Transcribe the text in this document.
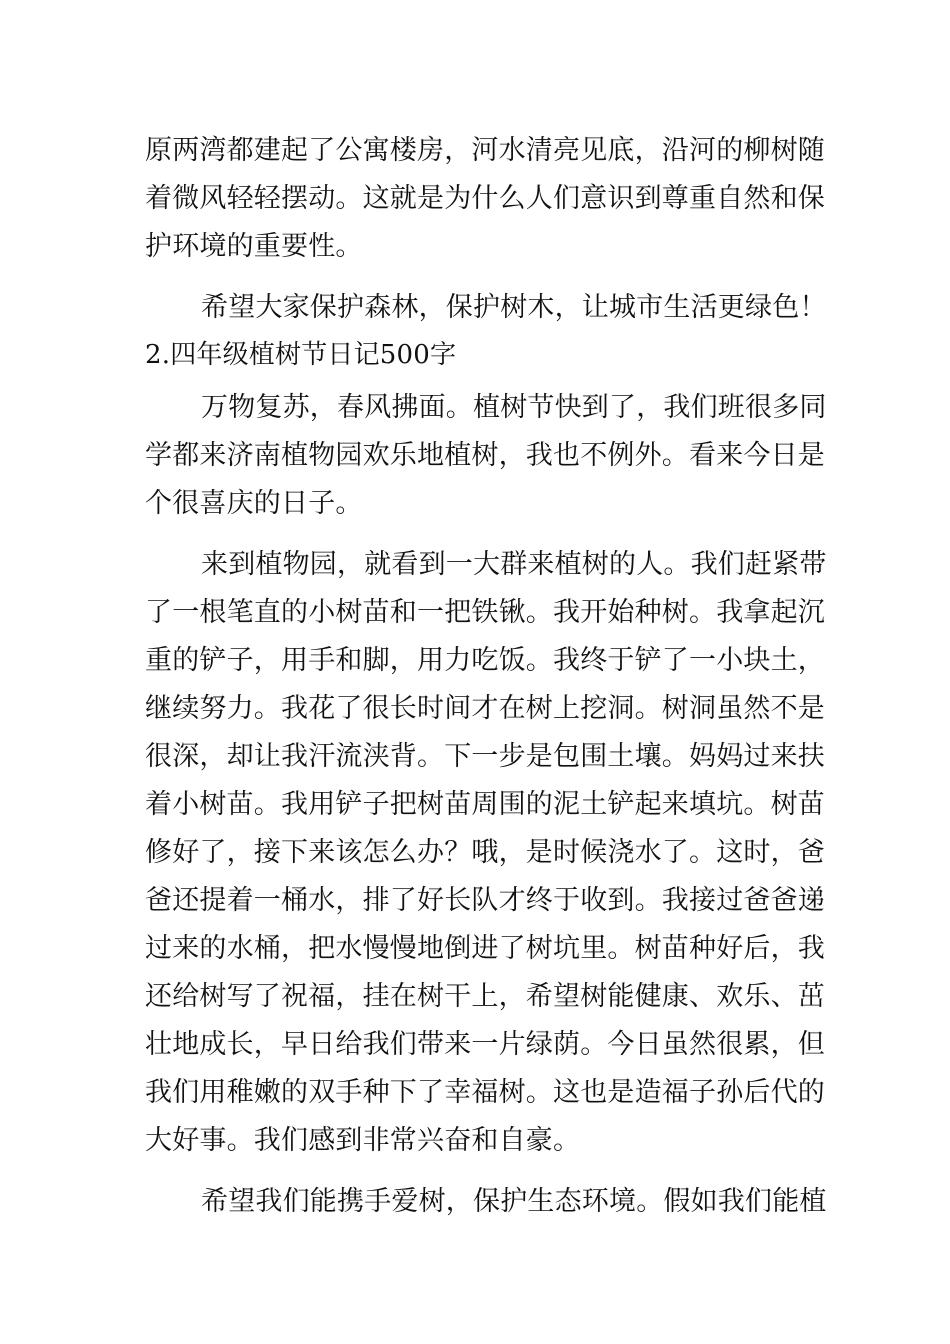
原两湾都建起了公寓楼房，河水清亮见底，沿河的柳树随
着微风轻轻摆动。这就是为什么人们意识到尊重自然和保
护环境的重要性。
希望大家保护森林，保护树木，让城市生活更绿色！
2.四年级植树节日记500字
万物复苏，春风拂面。植树节快到了，我们班很多同
学都来济南植物园欢乐地植树，我也不例外。看来今日是
个很喜庆的日子。
来到植物园，就看到一大群来植树的人。我们赶紧带
了一根笔直的小树苗和一把铁锹。我开始种树。我拿起沉
重的铲子，用手和脚，用力吃饭。我终于铲了一小块土，
继续努力。我花了很长时间才在树上挖洞。树洞虽然不是
很深，却让我汗流浃背。下一步是包围土壤。妈妈过来扶
着小树苗。我用铲子把树苗周围的泥土铲起来填坑。树苗
修好了，接下来该怎么办？哦，是时候浇水了。这时，爸
爸还提着一桶水，排了好长队才终于收到。我接过爸爸递
过来的水桶，把水慢慢地倒进了树坑里。树苗种好后，我
还给树写了祝福，挂在树干上，希望树能健康、欢乐、茁
壮地成长，早日给我们带来一片绿荫。今日虽然很累，但
我们用稚嫩的双手种下了幸福树。这也是造福子孙后代的
大好事。我们感到非常兴奋和自豪。
希望我们能携手爱树，保护生态环境。假如我们能植
